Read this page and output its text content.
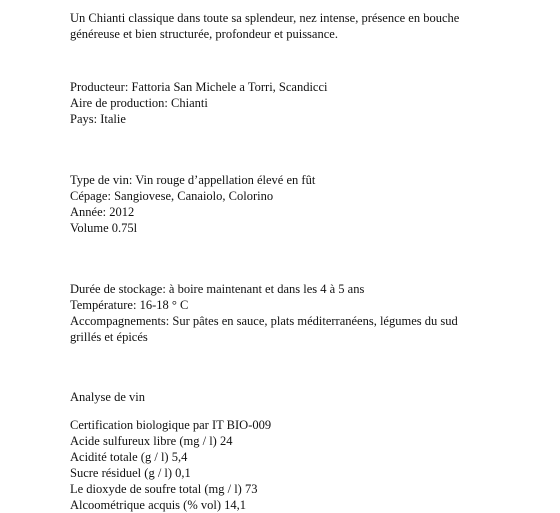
Un Chianti classique dans toute sa splendeur, nez intense, présence en bouche
généreuse et bien structurée, profondeur et puissance.
Producteur: Fattoria San Michele a Torri, Scandicci
Aire de production: Chianti
Pays: Italie
Type de vin: Vin rouge d’appellation élevé en fût
Cépage: Sangiovese, Canaiolo, Colorino
Année: 2012
Volume 0.75l
Durée de stockage: à boire maintenant et dans les 4 à 5 ans
Température: 16-18 ° C
Accompagnements: Sur pâtes en sauce, plats méditerranéens, légumes du sud
grillés et épicés
Analyse de vin
Certification biologique par IT BIO-009
Acide sulfureux libre (mg / l) 24
Acidité totale (g / l) 5,4
Sucre résiduel (g / l) 0,1
Le dioxyde de soufre total (mg / l) 73
Alcoométrique acquis (% vol) 14,1
